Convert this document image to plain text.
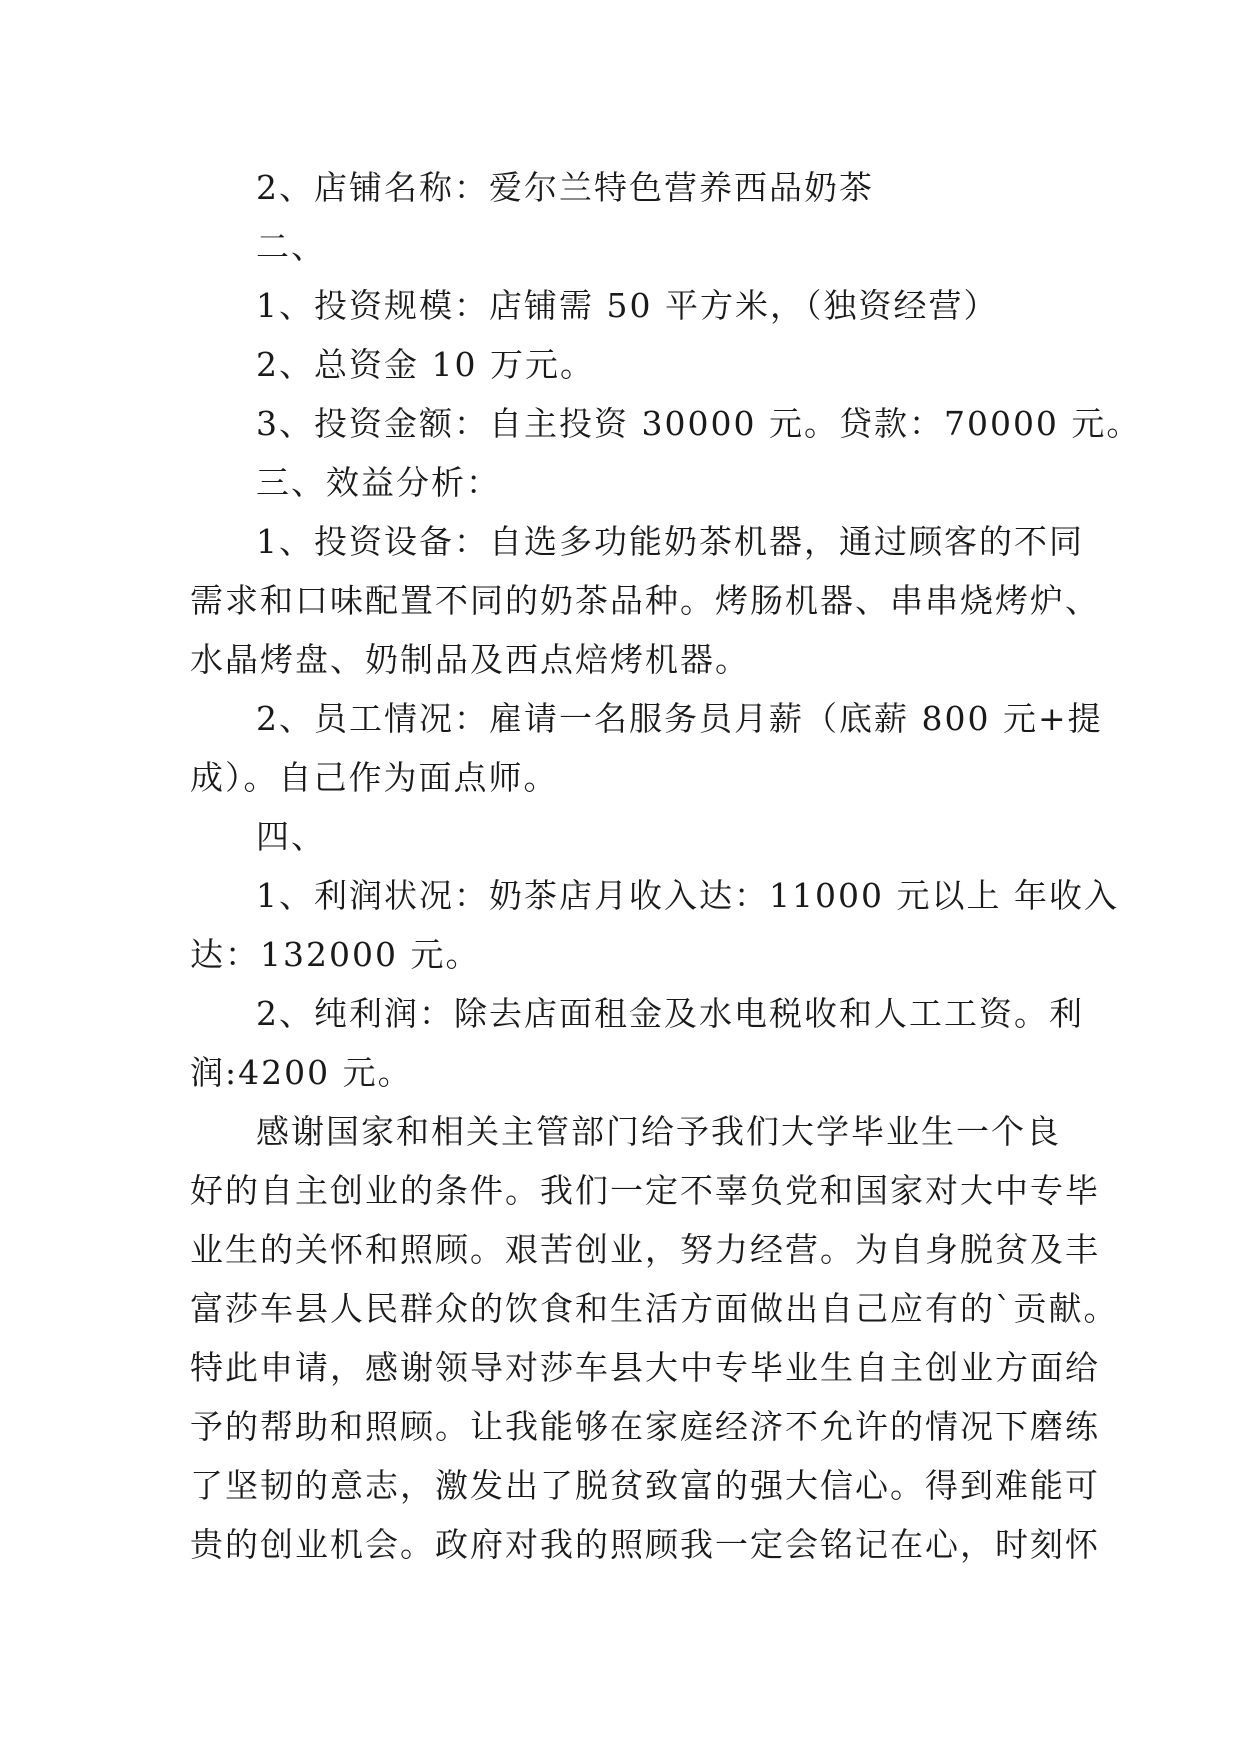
2、店铺名称：爱尔兰特色营养西品奶茶
二、
1、投资规模：店铺需 50 平方米，（独资经营）
2、总资金 10 万元。
3、投资金额：自主投资 30000 元。贷款：70000 元。
三、效益分析：
1、投资设备：自选多功能奶茶机器，通过顾客的不同
需求和口味配置不同的奶茶品种。烤肠机器、串串烧烤炉、
水晶烤盘、奶制品及西点焙烤机器。
2、员工情况：雇请一名服务员月薪（底薪 800 元+提
成）。自己作为面点师。
四、
1、利润状况：奶茶店月收入达：11000 元以上 年收入
达：132000 元。
2、纯利润：除去店面租金及水电税收和人工工资。利
润:4200 元。
感谢国家和相关主管部门给予我们大学毕业生一个良
好的自主创业的条件。我们一定不辜负党和国家对大中专毕
业生的关怀和照顾。艰苦创业，努力经营。为自身脱贫及丰
富莎车县人民群众的饮食和生活方面做出自己应有的`贡献。
特此申请，感谢领导对莎车县大中专毕业生自主创业方面给
予的帮助和照顾。让我能够在家庭经济不允许的情况下磨练
了坚韧的意志，激发出了脱贫致富的强大信心。得到难能可
贵的创业机会。政府对我的照顾我一定会铭记在心，时刻怀
